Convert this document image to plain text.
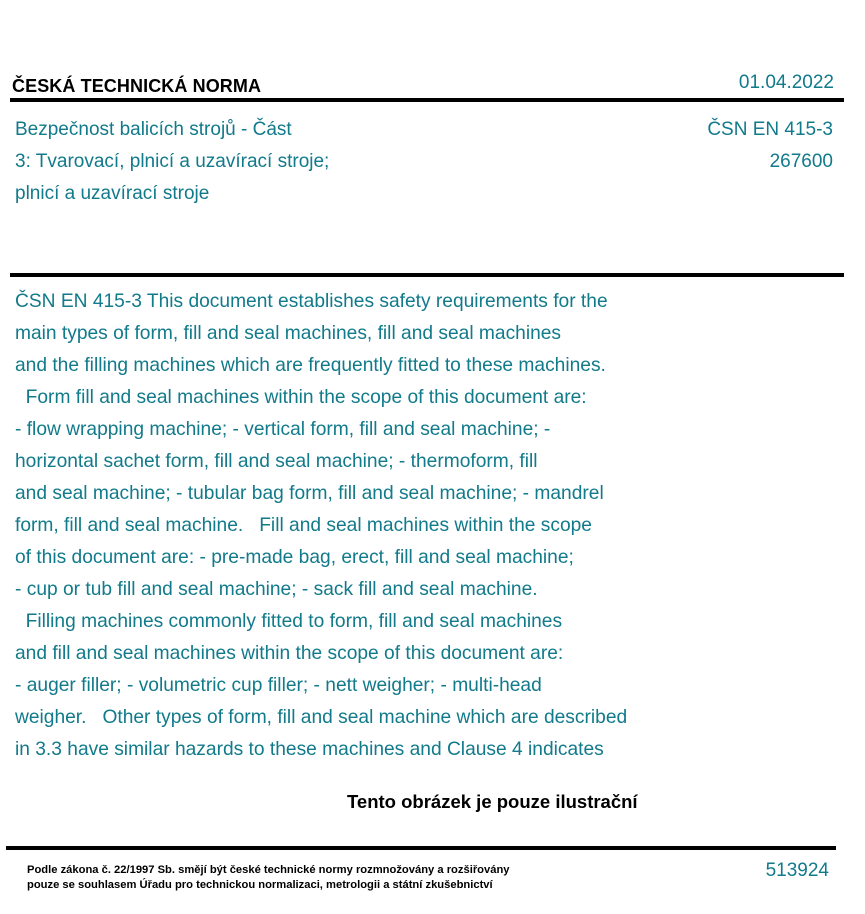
ČESKÁ TECHNICKÁ NORMA	01.04.2022
Bezpečnost balicích strojů - Část
3: Tvarovací, plnicí a uzavírací stroje;
plnicí a uzavírací stroje
ČSN EN 415-3
267600
ČSN EN 415-3 This document establishes safety requirements for the
main types of form, fill and seal machines, fill and seal machines
and the filling machines which are frequently fitted to these machines.
Form fill and seal machines within the scope of this document are:
- flow wrapping machine; - vertical form, fill and seal machine; -
horizontal sachet form, fill and seal machine; - thermoform, fill
and seal machine; - tubular bag form, fill and seal machine; - mandrel
form, fill and seal machine.   Fill and seal machines within the scope
of this document are: - pre-made bag, erect, fill and seal machine;
- cup or tub fill and seal machine; - sack fill and seal machine.
Filling machines commonly fitted to form, fill and seal machines
and fill and seal machines within the scope of this document are:
- auger filler; - volumetric cup filler; - nett weigher; - multi-head
weigher.   Other types of form, fill and seal machine which are described
in 3.3 have similar hazards to these machines and Clause 4 indicates
Tento obrázek je pouze ilustrační
Podle zákona č. 22/1997 Sb. smějí být české technické normy rozmnožovány a rozšiřovány
pouze se souhlasem Úřadu pro technickou normalizaci, metrologii a státní zkušebnictví
513924
